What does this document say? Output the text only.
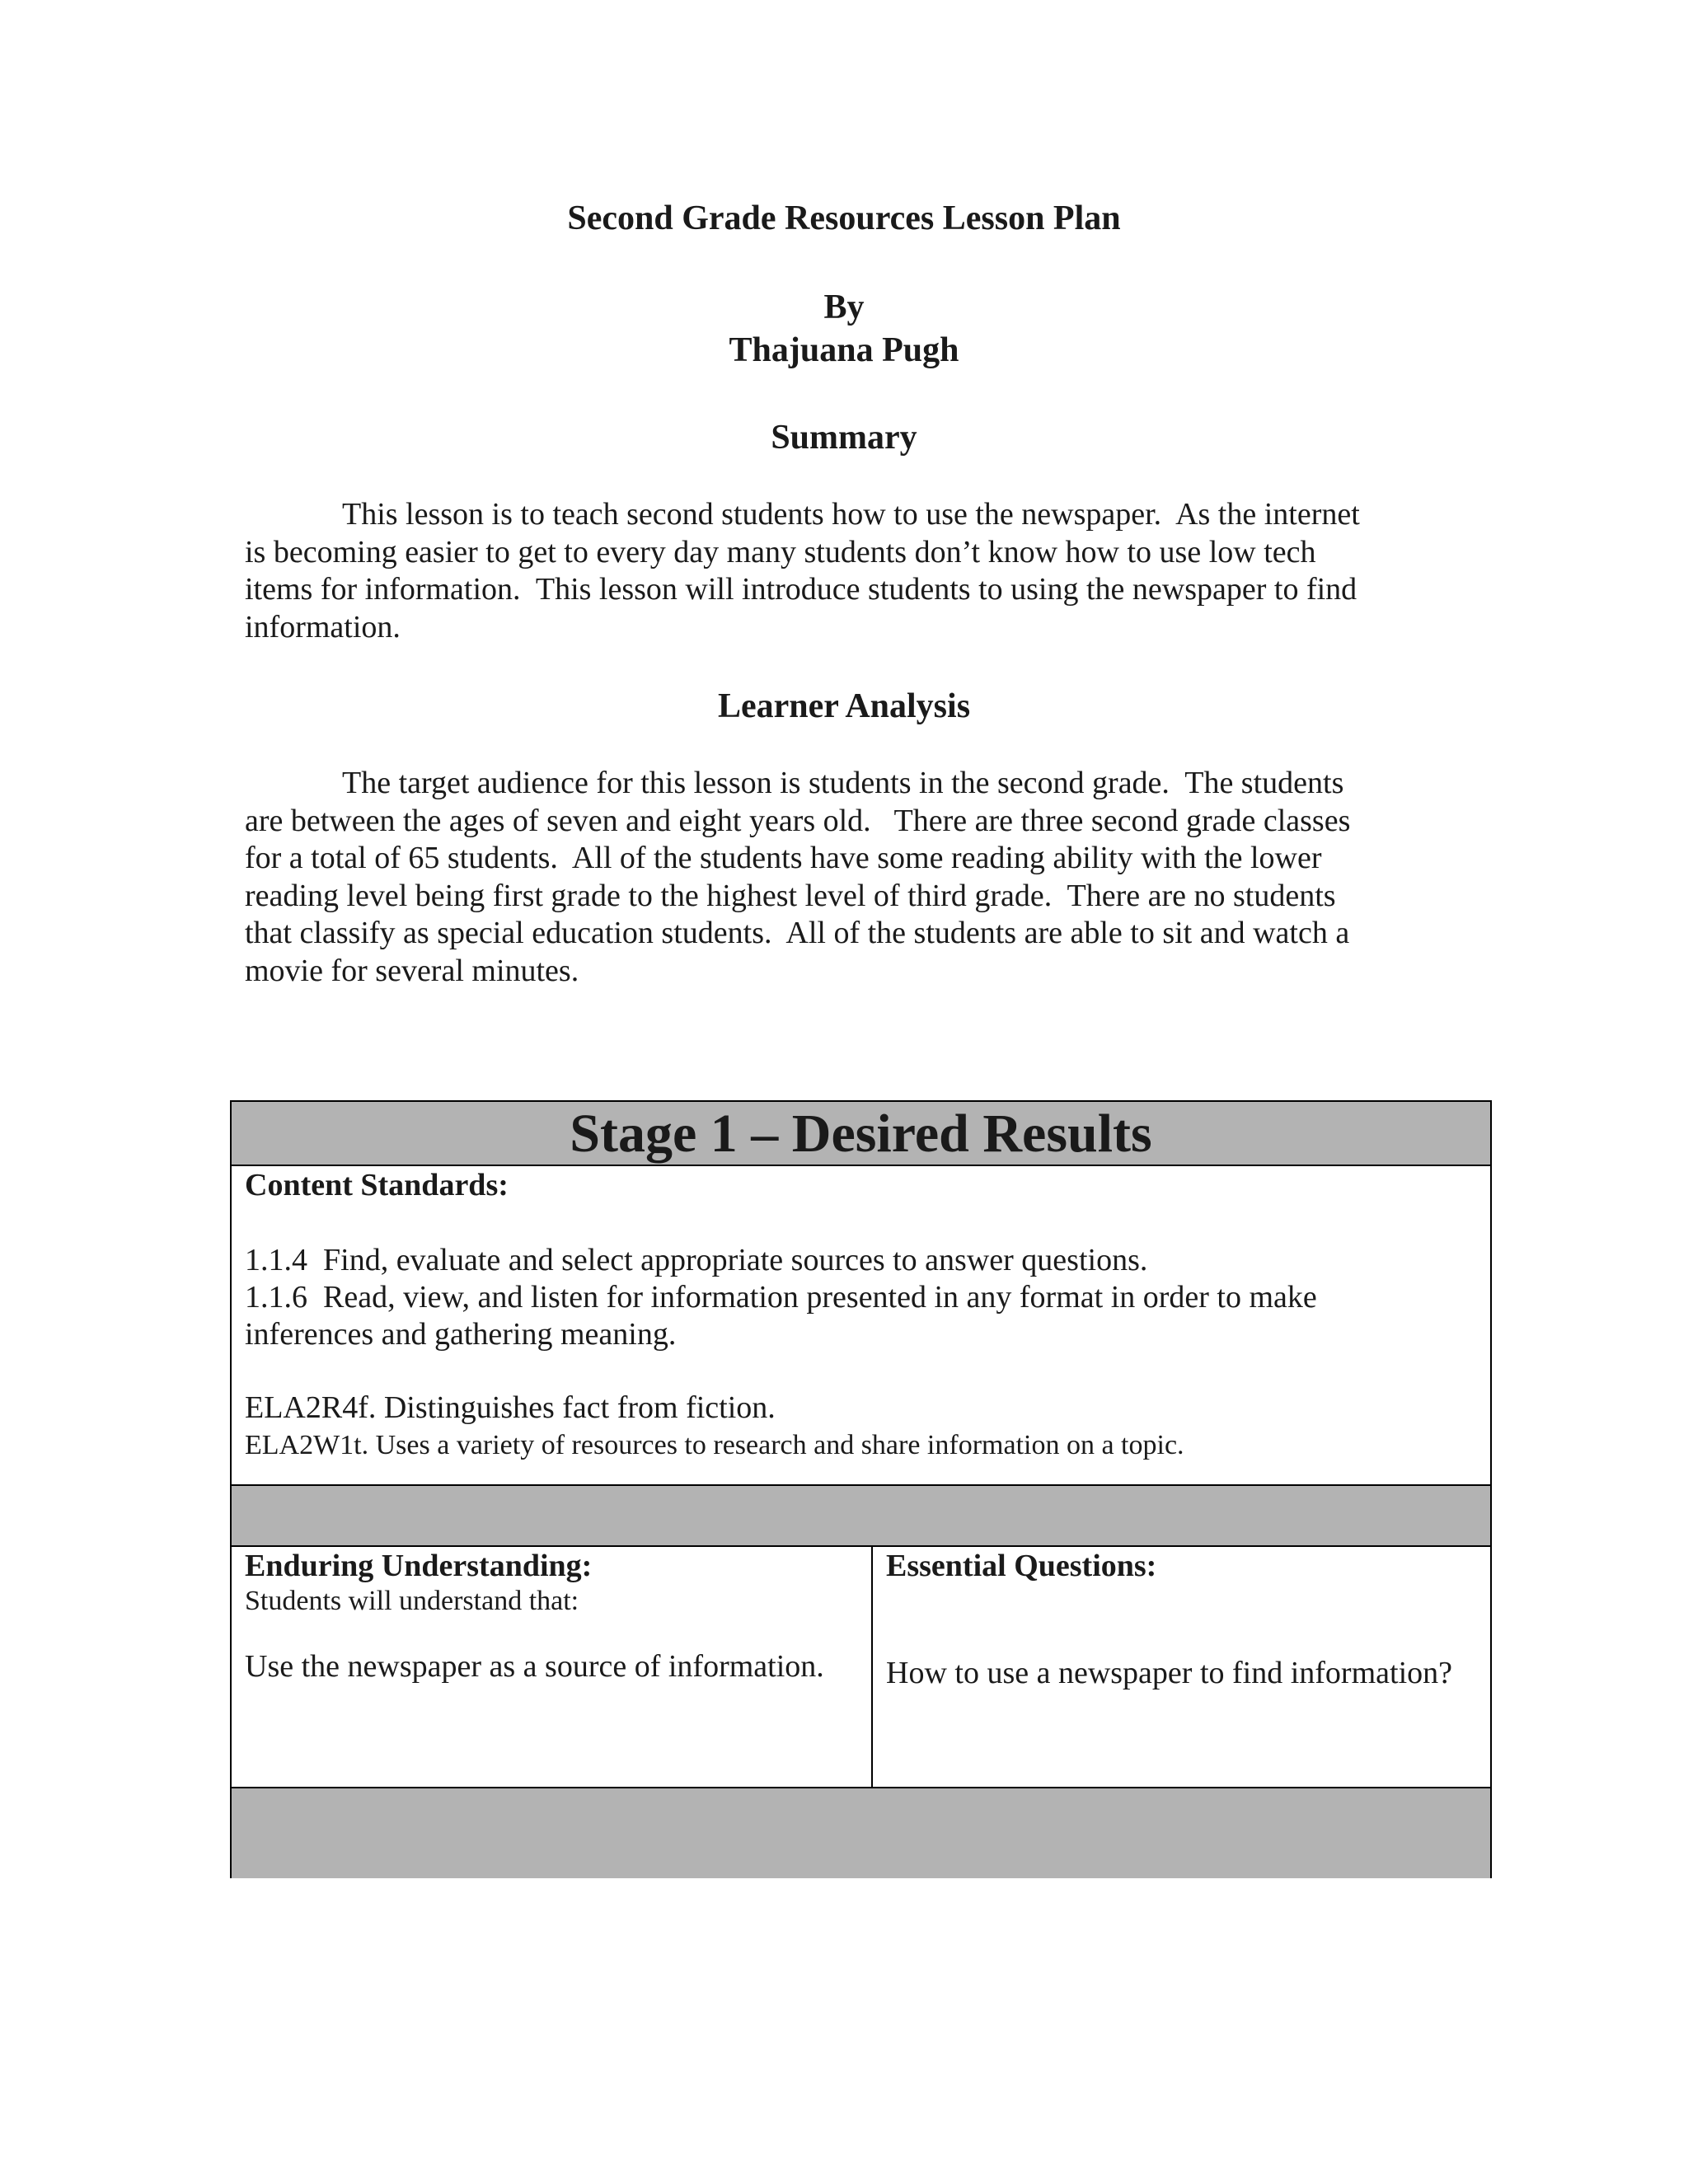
Second Grade Resources Lesson Plan

By

Thajuana Pugh

Summary

This lesson is to teach second students how to use the newspaper.  As the internet
is becoming easier to get to every day many students don’t know how to use low tech
items for information.  This lesson will introduce students to using the newspaper to find
information.

Learner Analysis

The target audience for this lesson is students in the second grade.  The students
are between the ages of seven and eight years old.   There are three second grade classes
for a total of 65 students.  All of the students have some reading ability with the lower
reading level being first grade to the highest level of third grade.  There are no students
that classify as special education students.  All of the students are able to sit and watch a
movie for several minutes.
Stage 1 – Desired Results

Content Standards:

1.1.4  Find, evaluate and select appropriate sources to answer questions.

1.1.6  Read, view, and listen for information presented in any format in order to make

inferences and gathering meaning.

ELA2R4f. Distinguishes fact from fiction.

ELA2W1t. Uses a variety of resources to research and share information on a topic.

Enduring Understanding:

Students will understand that:

Use the newspaper as a source of information.

Essential Questions:

How to use a newspaper to find information?
